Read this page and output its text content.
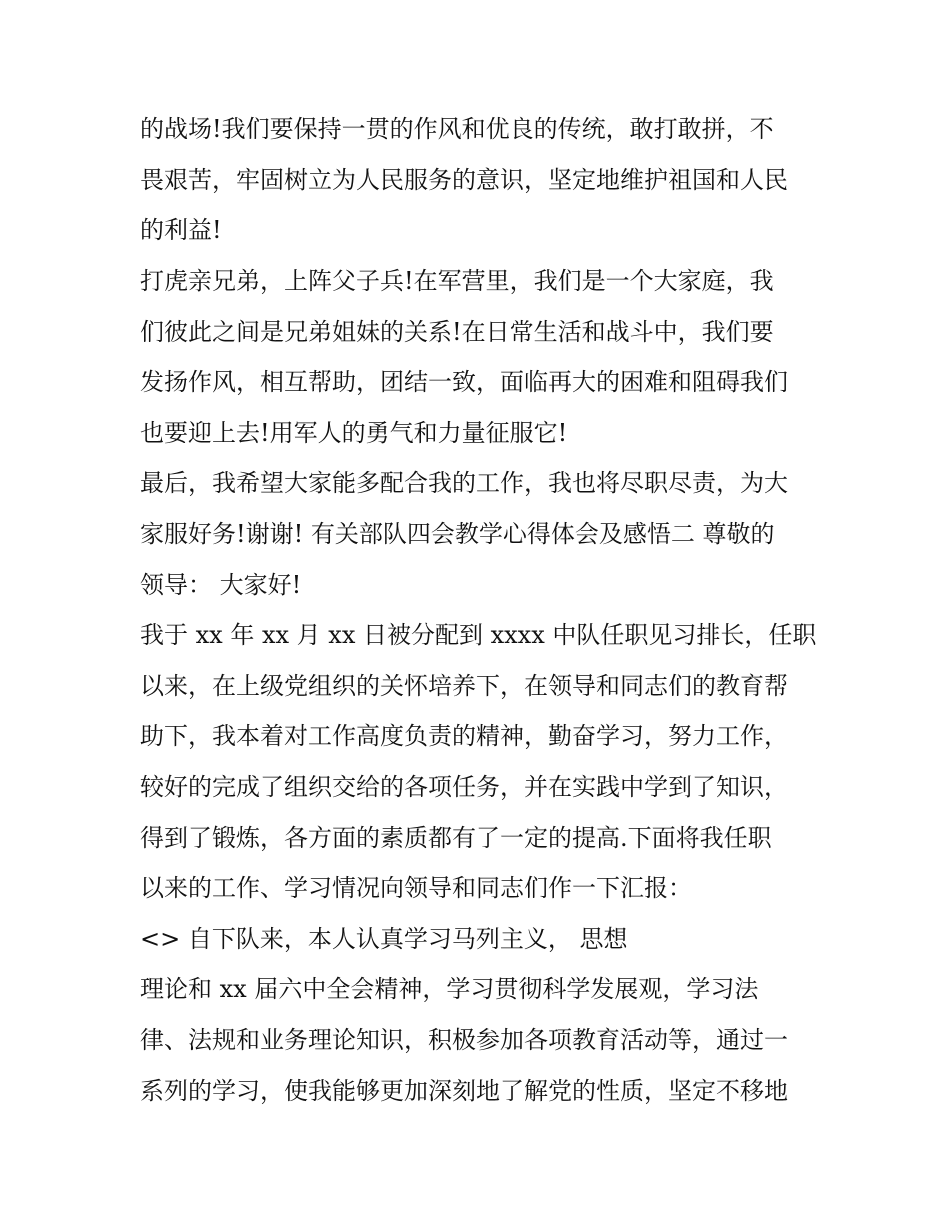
的战场!我们要保持一贯的作风和优良的传统，敢打敢拼，不
畏艰苦，牢固树立为人民服务的意识，坚定地维护祖国和人民
的利益!
打虎亲兄弟，上阵父子兵!在军营里，我们是一个大家庭，我
们彼此之间是兄弟姐妹的关系!在日常生活和战斗中，我们要
发扬作风，相互帮助，团结一致，面临再大的困难和阻碍我们
也要迎上去!用军人的勇气和力量征服它!
最后，我希望大家能多配合我的工作，我也将尽职尽责，为大
家服好务!谢谢! 有关部队四会教学心得体会及感悟二 尊敬的
领导： 大家好!
我于 xx 年 xx 月 xx 日被分配到 xxxx 中队任职见习排长，任职
以来，在上级党组织的关怀培养下，在领导和同志们的教育帮
助下，我本着对工作高度负责的精神，勤奋学习，努力工作，
较好的完成了组织交给的各项任务，并在实践中学到了知识，
得到了锻炼，各方面的素质都有了一定的提高.下面将我任职
以来的工作、学习情况向领导和同志们作一下汇报：
<> 自下队来，本人认真学习马列主义， 思想
理论和 xx 届六中全会精神，学习贯彻科学发展观，学习法
律、法规和业务理论知识，积极参加各项教育活动等，通过一
系列的学习，使我能够更加深刻地了解党的性质，坚定不移地
